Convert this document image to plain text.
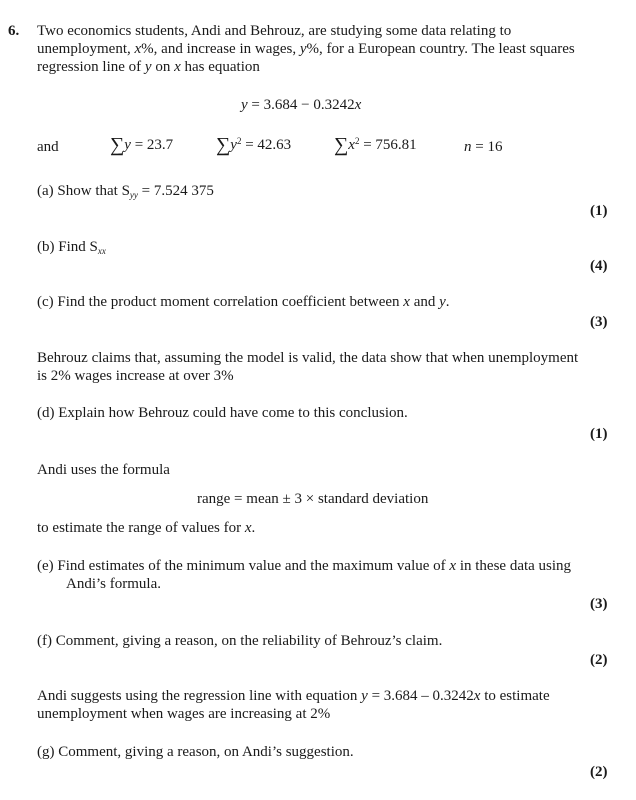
6. Two economics students, Andi and Behrouz, are studying some data relating to
unemployment, x%, and increase in wages, y%, for a European country. The least squares
regression line of y on x has equation
y = 3.684 − 0.3242x
and	∑y = 23.7 $\sum y^2 = 42.63$ $\sum x^2 = 756.81$	n = 16
(a) Show that $S_{yy} = 7.524$ 375
(1)
(b) Find $S_{xx}$
(4)
(c) Find the product moment correlation coefficient between x and y.
(3)
Behrouz claims that, assuming the model is valid, the data show that when unemployment
is 2% wages increase at over 3%
(d) Explain how Behrouz could have come to this conclusion.
(1)
Andi uses the formula
range = mean ± 3 × standard deviation
to estimate the range of values for x.
(e) Find estimates of the minimum value and the maximum value of x in these data using
Andi’s formula.
(3)
(f) Comment, giving a reason, on the reliability of Behrouz’s claim.
(2)
Andi suggests using the regression line with equation y = 3.684 – 0.3242x to estimate
unemployment when wages are increasing at 2%
(g) Comment, giving a reason, on Andi’s suggestion.
(2)
